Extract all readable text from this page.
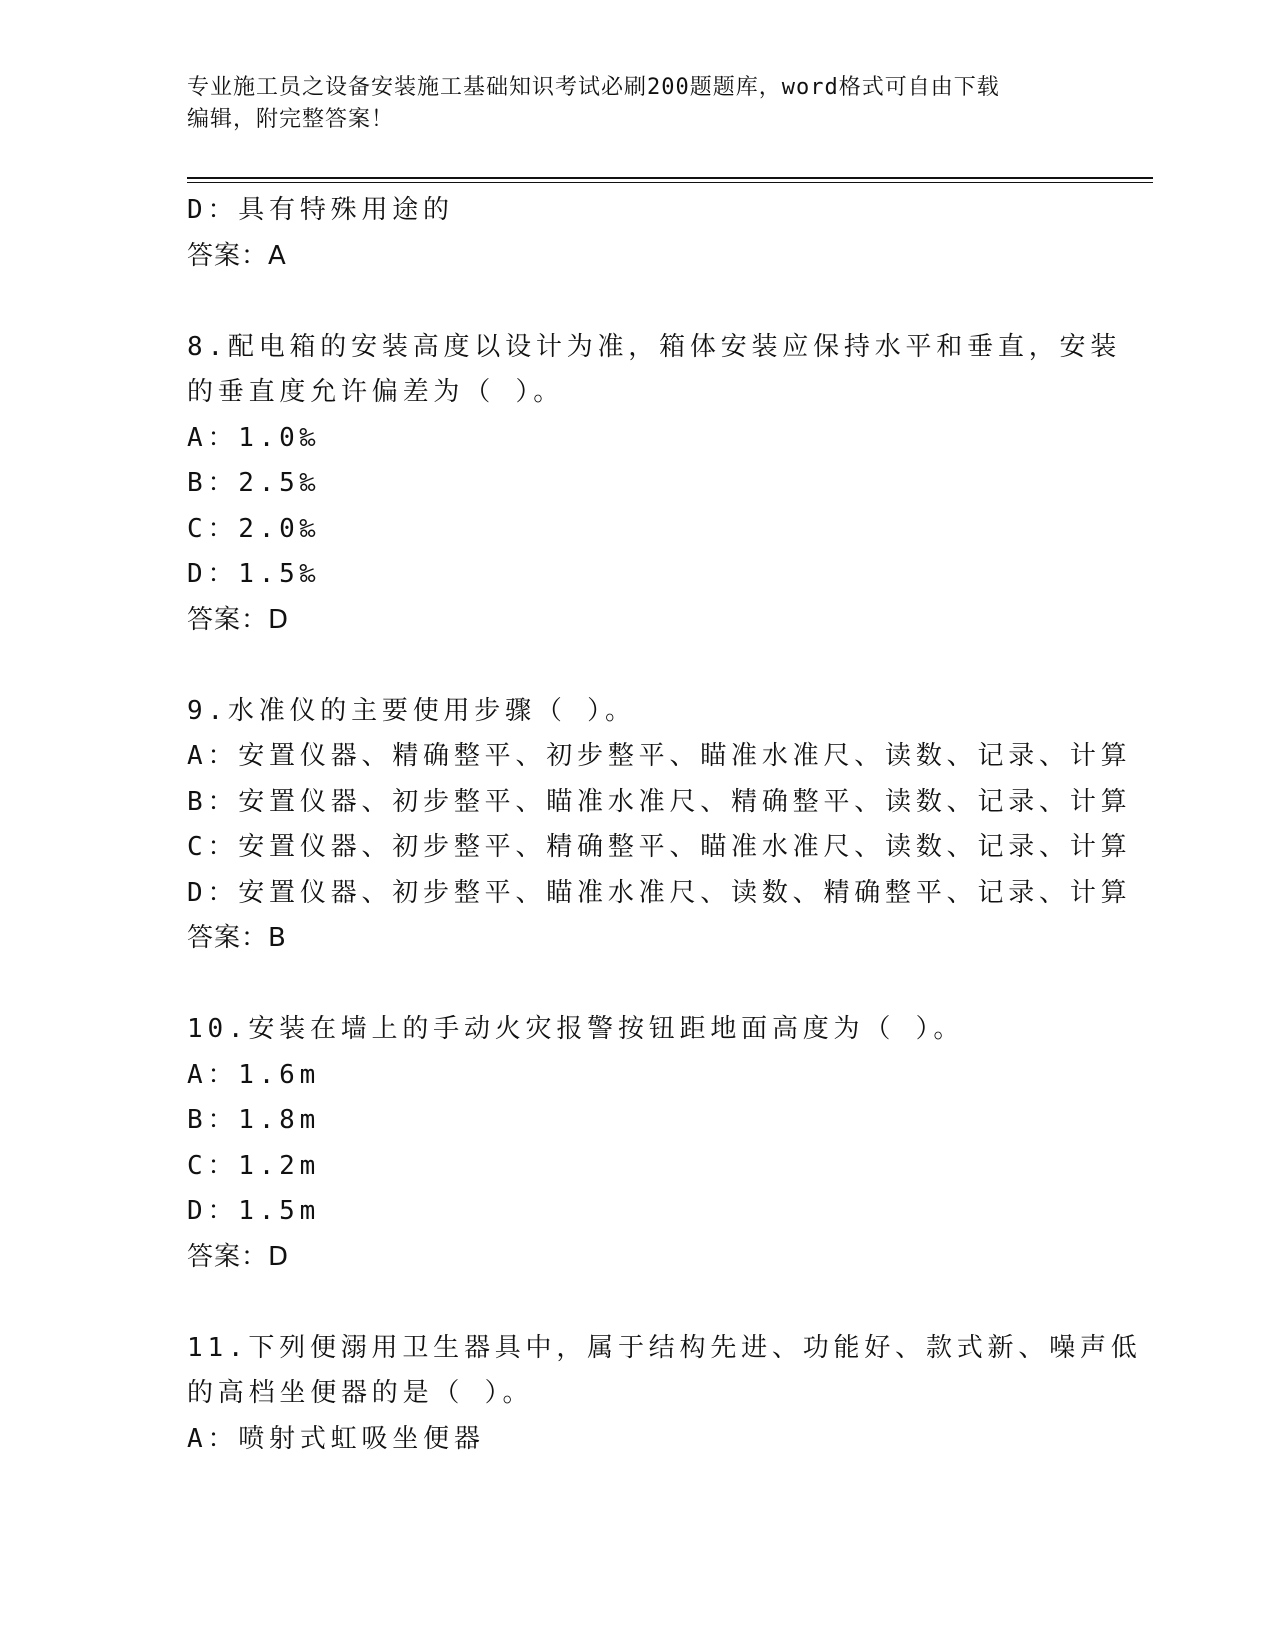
专业施工员之设备安装施工基础知识考试必刷200题题库，word格式可自由下载
编辑，附完整答案！
D：具有特殊用途的
答案：A
8.配电箱的安装高度以设计为准，箱体安装应保持水平和垂直，安装
的垂直度允许偏差为（ ）。
A：1.0‰
B：2.5‰
C：2.0‰
D：1.5‰
答案：D
9.水准仪的主要使用步骤（ ）。
A：安置仪器、精确整平、初步整平、瞄准水准尺、读数、记录、计算
B：安置仪器、初步整平、瞄准水准尺、精确整平、读数、记录、计算
C：安置仪器、初步整平、精确整平、瞄准水准尺、读数、记录、计算
D：安置仪器、初步整平、瞄准水准尺、读数、精确整平、记录、计算
答案：B
10.安装在墙上的手动火灾报警按钮距地面高度为（ ）。
A：1.6m
B：1.8m
C：1.2m
D：1.5m
答案：D
11.下列便溺用卫生器具中，属于结构先进、功能好、款式新、噪声低
的高档坐便器的是（ ）。
A：喷射式虹吸坐便器
